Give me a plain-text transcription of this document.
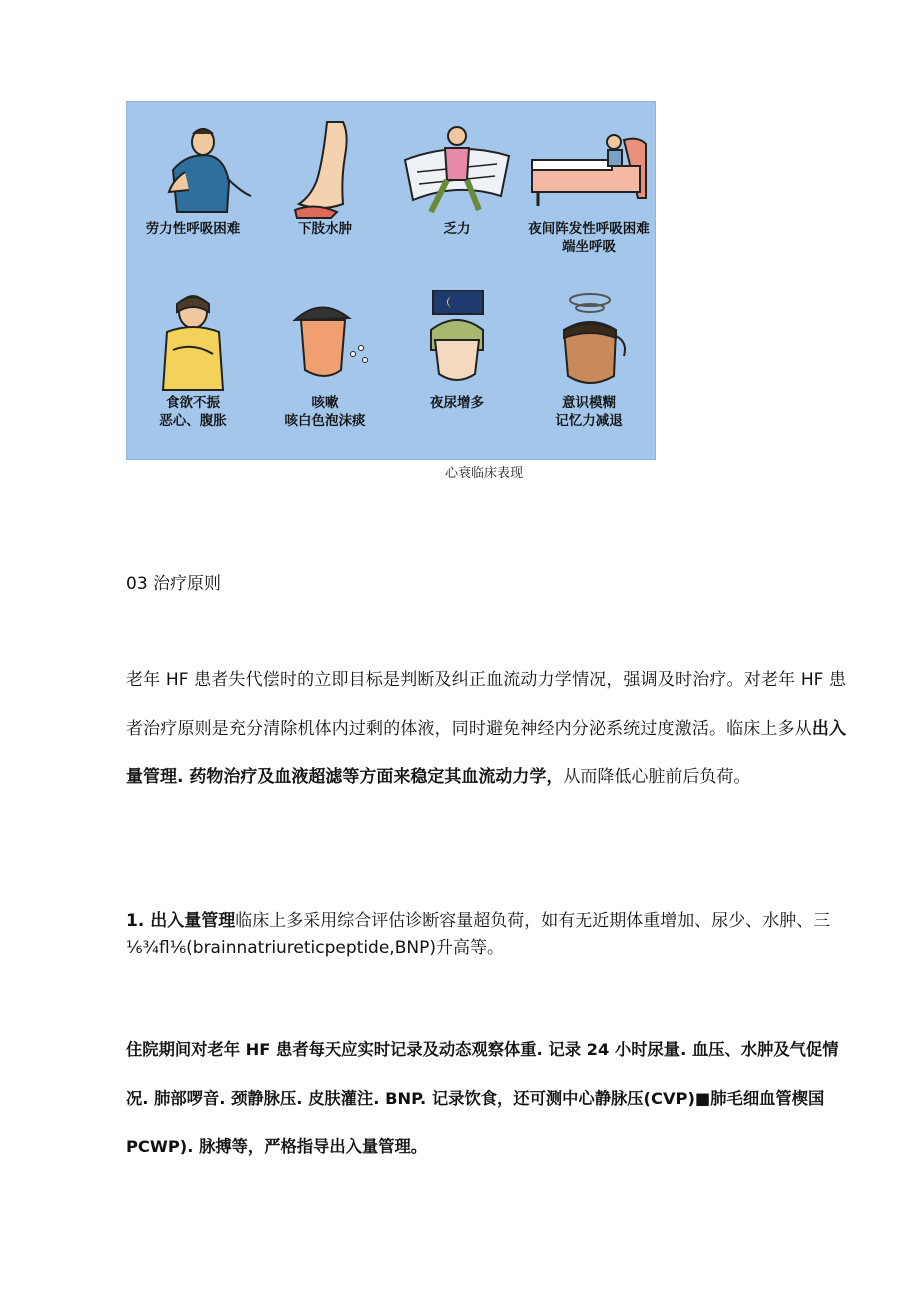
劳力性呼吸困难	下肢水肿	乏力	夜间阵发性呼吸困难
端坐呼吸
食欲不振
恶心、腹胀
咳嗽
咳白色泡沫痰
夜尿增多	意识模糊
记忆力减退
心衰临床表现
03 治疗原则
老年 HF 患者失代偿时的立即目标是判断及纠正血流动力学情况，强调及时治疗。对老年 HF 患者治疗原则是充分清除机体内过剩的体液，同时避免神经内分泌系统过度激活。临床上多从出入量管理. 药物治疗及血液超滤等方面来稳定其血流动力学，从而降低心脏前后负荷。
1. 出入量管理临床上多采用综合评估诊断容量超负荷，如有无近期体重增加、尿少、水肿、三⅙¾fl⅙(brainnatriureticpeptide,BNP)升高等。
住院期间对老年 HF 患者每天应实时记录及动态观察体重. 记录 24 小时尿量. 血压、水肿及气促情况. 肺部啰音. 颈静脉压. 皮肤灌注. BNP. 记录饮食，还可测中心静脉压(CVP)■肺毛细血管楔国 PCWP). 脉搏等，严格指导出入量管理。
